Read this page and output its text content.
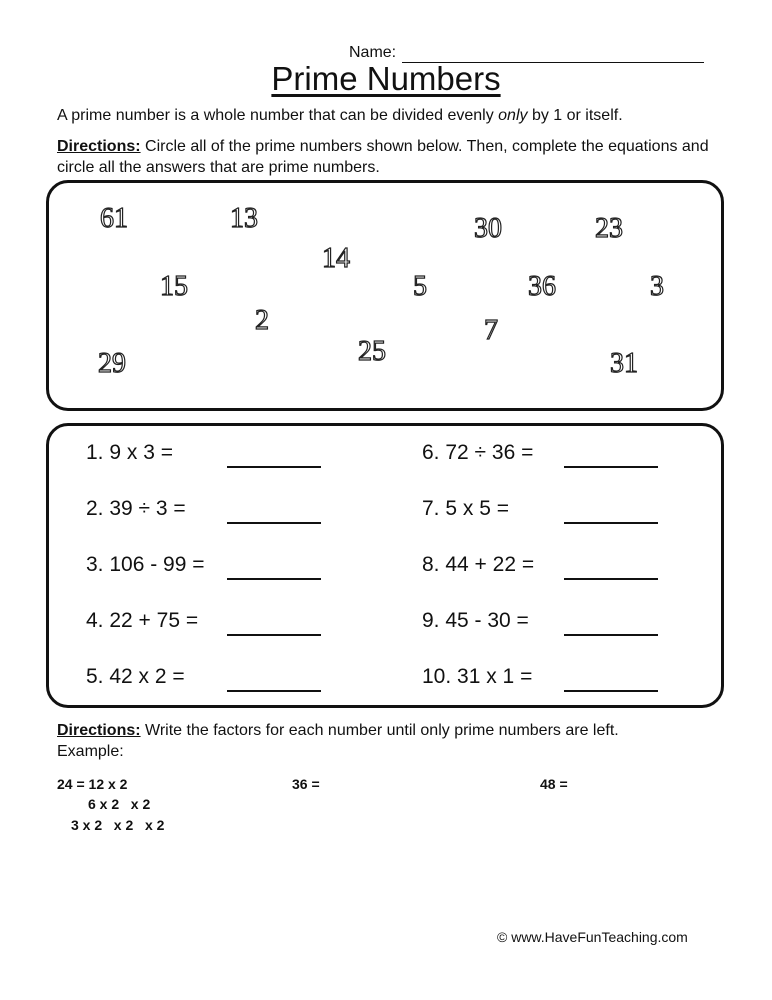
Name:
Prime Numbers
A prime number is a whole number that can be divided evenly only by 1 or itself.
Directions: Circle all of the prime numbers shown below. Then, complete the equations and circle all the answers that are prime numbers.
61	13	30	23
14
15	5	36	3
2	7
25
29	31
1. 9 x 3 =
2. 39 ÷ 3 =
3. 106 - 99 =
4. 22 + 75 =
5. 42 x 2 =
6. 72 ÷ 36 =
7. 5 x 5 =
8. 44 + 22 =
9. 45 - 30 =
10. 31 x 1 =
Directions: Write the factors for each number until only prime numbers are left.
Example:
24 = 12 x 2
6 x 2   x 2
3 x 2   x 2   x 2
36 =	48 =
© www.HaveFunTeaching.com
